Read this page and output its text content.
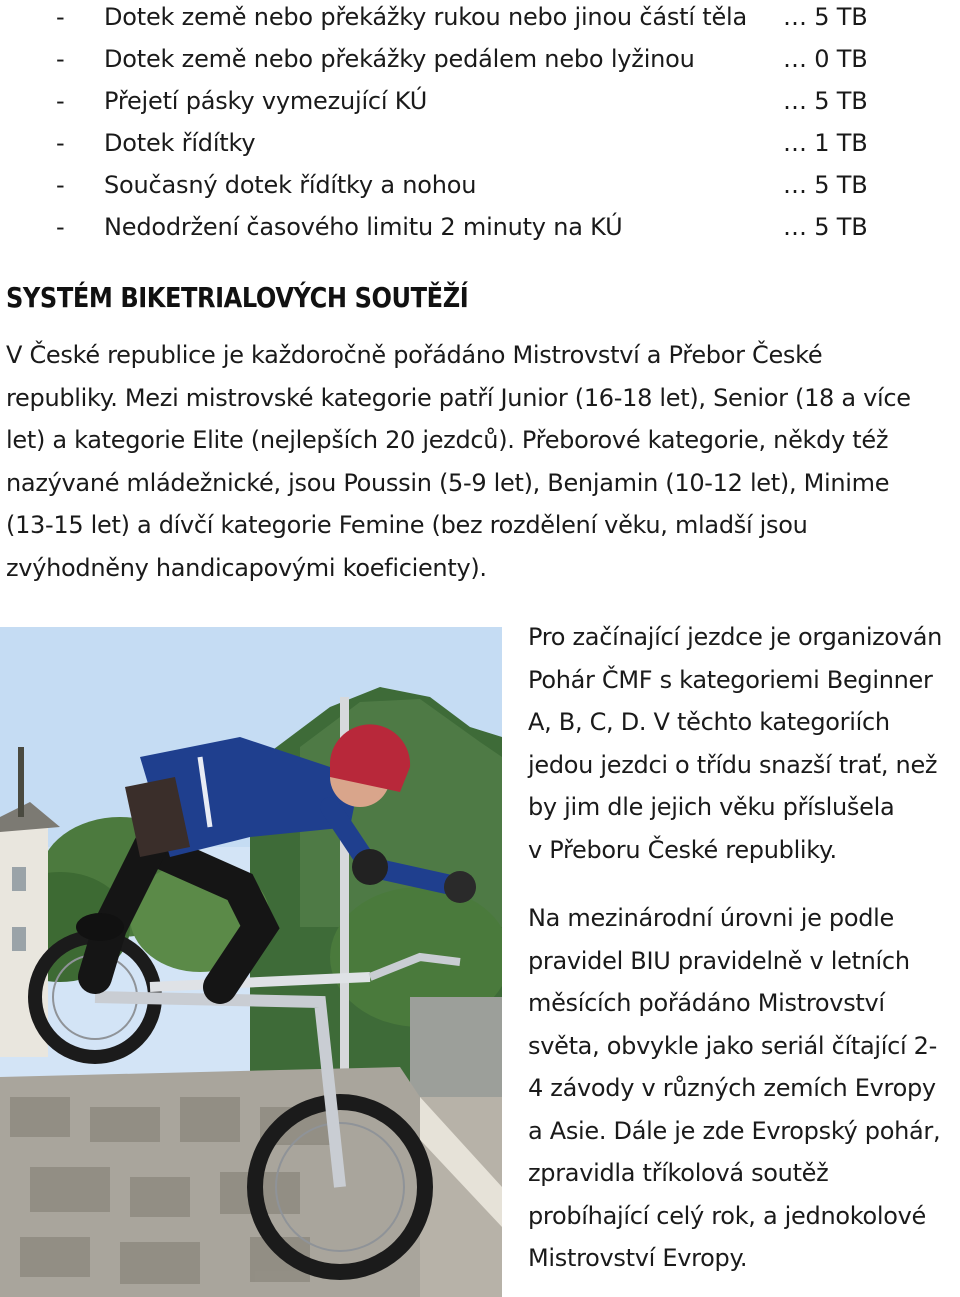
- Dotek země nebo překážky rukou nebo jinou částí těla … 5 TB
- Dotek země nebo překážky pedálem nebo lyžinou	… 0 TB
- Přejetí pásky vymezující KÚ	… 5 TB
- Dotek řídítky	… 1 TB
- Současný dotek řídítky a nohou	… 5 TB
- Nedodržení časového limitu 2 minuty na KÚ	… 5 TB
SYSTÉM BIKETRIALOVÝCH SOUTĚŽÍ
V České republice je každoročně pořádáno Mistrovství a Přebor České
republiky. Mezi mistrovské kategorie patří Junior (16-18 let), Senior (18 a více
let) a kategorie Elite (nejlepších 20 jezdců). Přeborové kategorie, někdy též
nazývané mládežnické, jsou Poussin (5-9 let), Benjamin (10-12 let), Minime
(13-15 let) a dívčí kategorie Femine (bez rozdělení věku, mladší jsou
zvýhodněny handicapovými koeficienty).
Pro začínající jezdce je organizován
Pohár ČMF s kategoriemi Beginner
A, B, C, D. V těchto kategoriích
jedou jezdci o třídu snazší trať, než
by jim dle jejich věku příslušela
v Přeboru České republiky.
Na mezinárodní úrovni je podle
pravidel BIU pravidelně v letních
měsících pořádáno Mistrovství
světa, obvykle jako seriál čítající 2-
4 závody v různých zemích Evropy
a Asie. Dále je zde Evropský pohár,
zpravidla tříkolová soutěž
probíhající celý rok, a jednokolové
Mistrovství Evropy.
